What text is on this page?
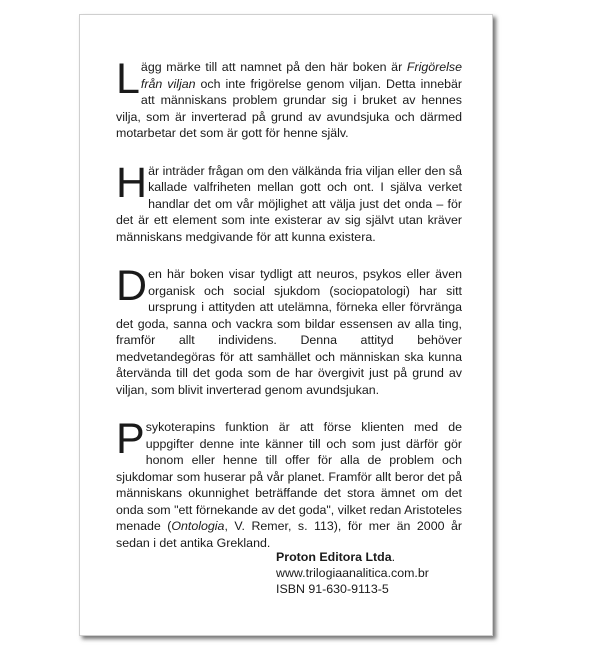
Lägg märke till att namnet på den här boken är Frigörelse från viljan och inte frigörelse genom viljan. Detta innebär att människans problem grundar sig i bruket av hennes vilja, som är inverterad på grund av avundsjuka och därmed motarbetar det som är gott för henne själv.

Här inträder frågan om den välkända fria viljan eller den så kallade valfriheten mellan gott och ont. I själva verket handlar det om vår möjlighet att välja just det onda – för det är ett element som inte existerar av sig självt utan kräver människans medgivande för att kunna existera.

Den här boken visar tydligt att neuros, psykos eller även organisk och social sjukdom (sociopatologi) har sitt ursprung i attityden att utelämna, förneka eller förvränga det goda, sanna och vackra som bildar essensen av alla ting, framför allt individens. Denna attityd behöver medvetandegöras för att samhället och människan ska kunna återvända till det goda som de har övergivit just på grund av viljan, som blivit inverterad genom avundsjukan.

Psykoterapins funktion är att förse klienten med de uppgifter denne inte känner till och som just därför gör honom eller henne till offer för alla de problem och sjukdomar som huserar på vår planet. Framför allt beror det på människans okunnighet beträffande det stora ämnet om det onda som "ett förnekande av det goda", vilket redan Aristoteles menade (Ontologia, V. Remer, s. 113), för mer än 2000 år sedan i det antika Grekland.

Proton Editora Ltda.
www.trilogiaanalitica.com.br
ISBN 91-630-9113-5
